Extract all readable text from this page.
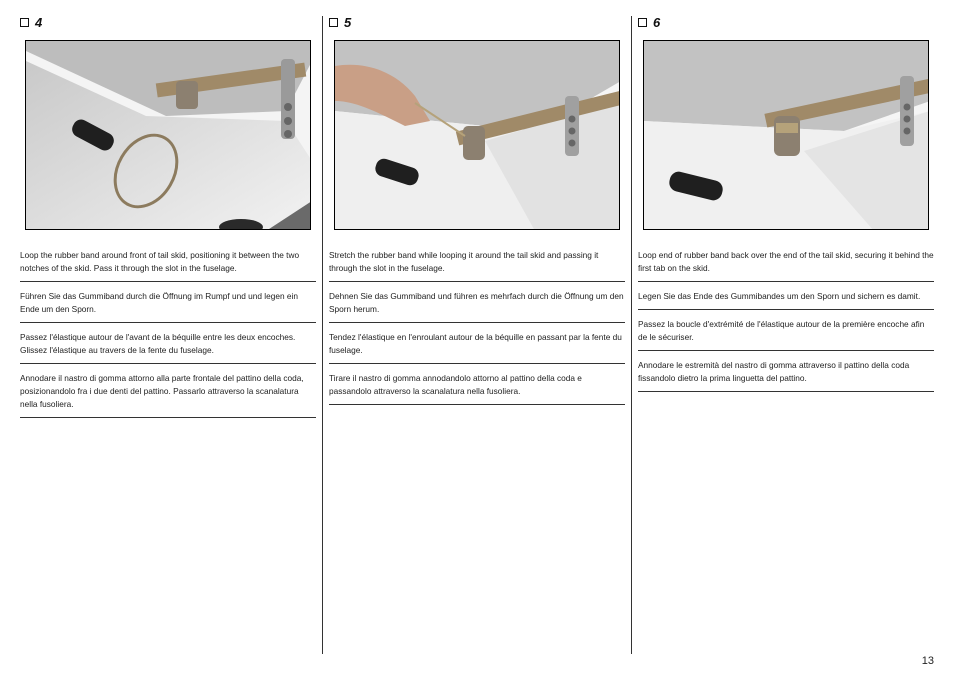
4
Loop the rubber band around front of tail skid, positioning it between the two notches of the skid. Pass it through the slot in the fuselage.
Führen Sie das Gummiband durch die Öffnung im Rumpf und und legen ein Ende um den Sporn.
Passez l'élastique autour de l'avant de la béquille entre les deux encoches. Glissez l'élastique au travers de la fente du fuselage.
Annodare il nastro di gomma attorno alla parte frontale del pattino della coda, posizionandolo fra i due denti del pattino. Passarlo attraverso la scanalatura nella fusoliera.
5
Stretch the rubber band while looping it around the tail skid and passing it through the slot in the fuselage.
Dehnen Sie das Gummiband und führen es mehrfach durch die Öffnung um den Sporn herum.
Tendez l'élastique en l'enroulant autour de la béquille en passant par la fente du fuselage.
Tirare il nastro di gomma annodandolo attorno al pattino della coda e passandolo attraverso la scanalatura nella fusoliera.
6
Loop end of rubber band back over the end of the tail skid, securing it behind the first tab on the skid.
Legen Sie das Ende des Gummibandes um den Sporn und sichern es damit.
Passez la boucle d'extrémité de l'élastique autour de la première encoche afin de le sécuriser.
Annodare le estremità del nastro di gomma attraverso il pattino della coda fissandolo dietro la prima linguetta del pattino.
13
